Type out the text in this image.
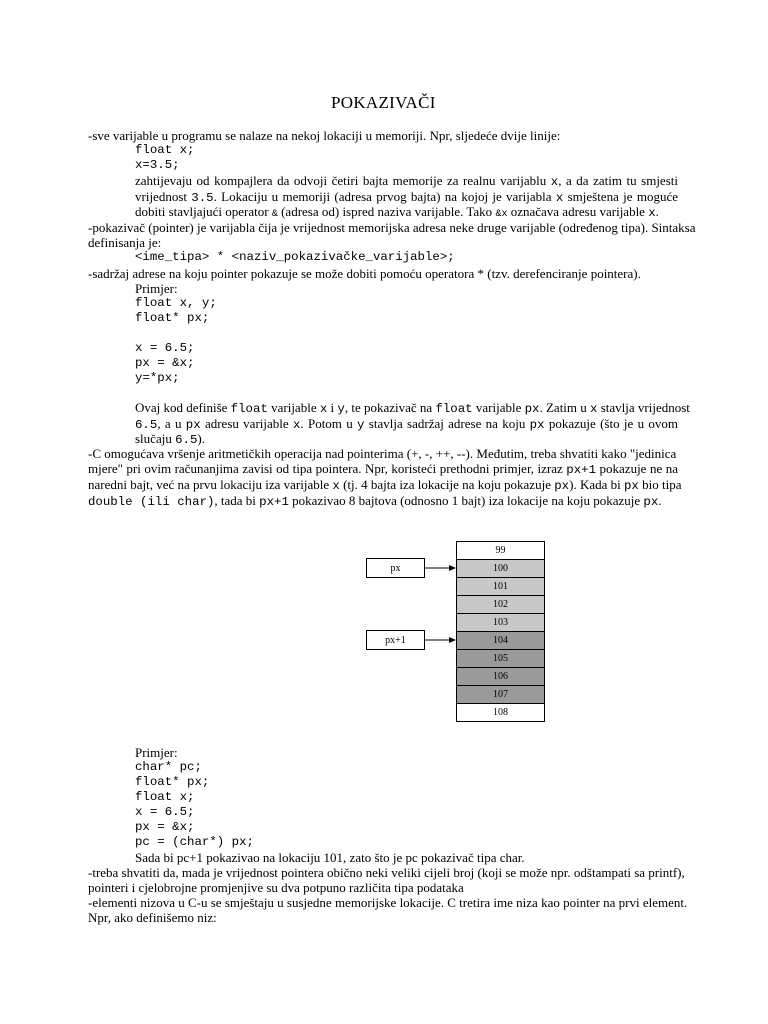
POKAZIVAČI
-sve varijable u programu se nalaze na nekoj lokaciji u memoriji. Npr, sljedeće dvije linije:
float x;
x=3.5;
zahtijevaju od kompajlera da odvoji četiri bajta memorije za realnu varijablu x, a da zatim tu smjesti
vrijednost 3.5. Lokaciju u memoriji (adresa prvog bajta) na kojoj je varijabla x smještena je moguće
dobiti stavljajući operator & (adresa od) ispred naziva varijable. Tako &x označava adresu varijable x.
-pokazivač (pointer) je varijabla čija je vrijednost memorijska adresa neke druge varijable (određenog tipa). Sintaksa
definisanja je:
<ime_tipa> * <naziv_pokazivačke_varijable>;
-sadržaj adrese na koju pointer pokazuje se može dobiti pomoću operatora * (tzv. derefenciranje pointera).
Primjer:
float x, y;
float* px;
x = 6.5;
px = &x;
y=*px;
Ovaj kod definiše float varijable x i y, te pokazivač na float varijable px. Zatim u x stavlja vrijednost
6.5, a u px adresu varijable x. Potom u y stavlja sadržaj adrese na koju px pokazuje (što je u ovom
slučaju 6.5).
-C omogućava vršenje aritmetičkih operacija nad pointerima (+, -, ++, --). Međutim, treba shvatiti kako "jedinica
mjere" pri ovim računanjima zavisi od tipa pointera. Npr, koristeći prethodni primjer, izraz px+1 pokazuje ne na
naredni bajt, već na prvu lokaciju iza varijable x (tj. 4 bajta iza lokacije na koju pokazuje px). Kada bi px bio tipa
double (ili char), tada bi px+1 pokazivao 8 bajtova (odnosno 1 bajt) iza lokacije na koju pokazuje px.
px
px+1
99
100
101
102
103
104
105
106
107
108
Primjer:
char* pc;
float* px;
float x;
x = 6.5;
px = &x;
pc = (char*) px;
Sada bi pc+1 pokazivao na lokaciju 101, zato što je pc pokazivač tipa char.
-treba shvatiti da, mada je vrijednost pointera obično neki veliki cijeli broj (koji se može npr. odštampati sa printf),
pointeri i cjelobrojne promjenjive su dva potpuno različita tipa podataka
-elementi nizova u C-u se smještaju u susjedne memorijske lokacije. C tretira ime niza kao pointer na prvi element.
Npr, ako definišemo niz:
